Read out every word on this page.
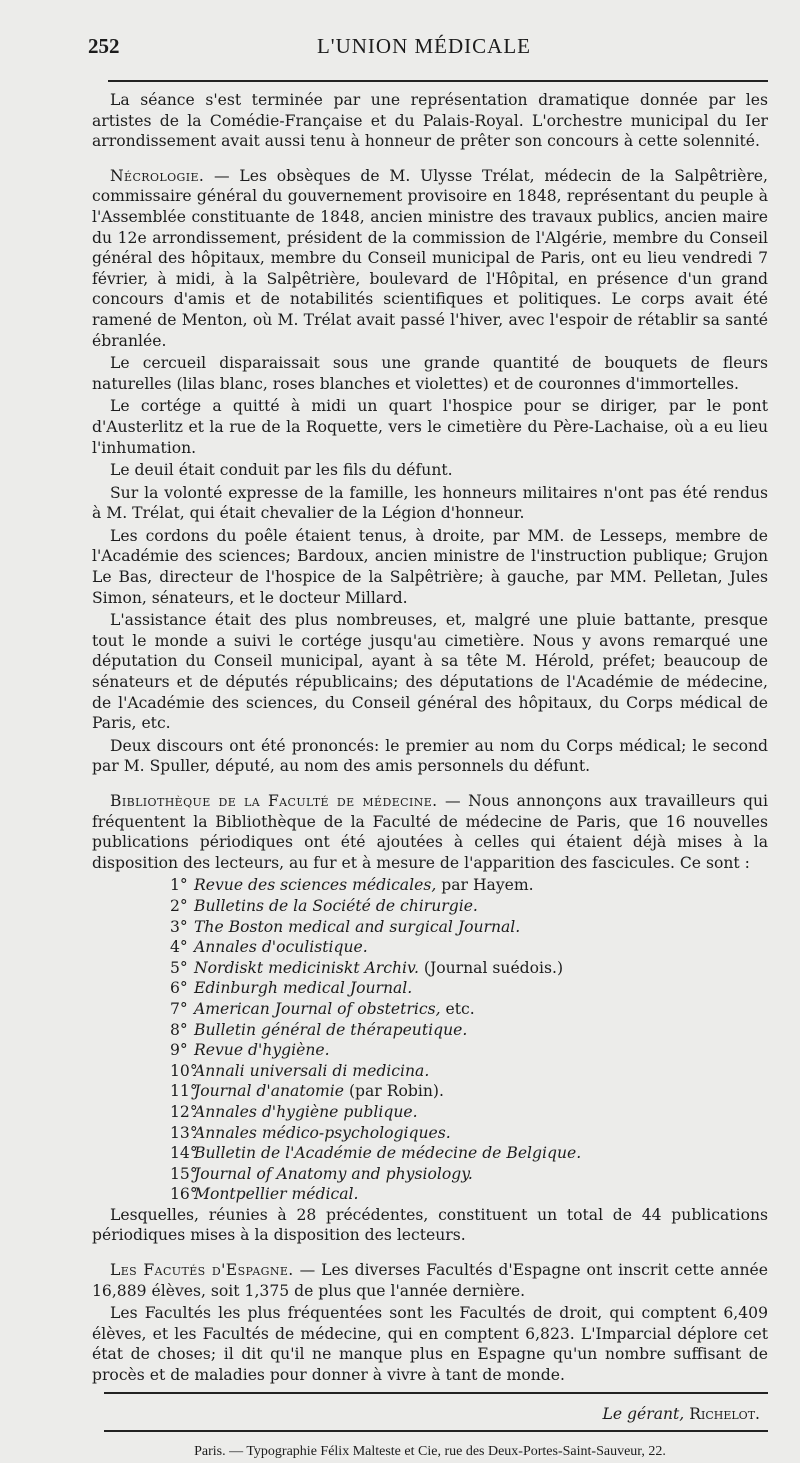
252	L'UNION MÉDICALE

La séance s'est terminée par une représentation dramatique donnée par les artistes de la Comédie-Française et du Palais-Royal. L'orchestre municipal du Ier arrondissement avait aussi tenu à honneur de prêter son concours à cette solennité.

Nécrologie. — Les obsèques de M. Ulysse Trélat, médecin de la Salpêtrière, commissaire général du gouvernement provisoire en 1848, représentant du peuple à l'Assemblée constituante de 1848, ancien ministre des travaux publics, ancien maire du 12e arrondissement, président de la commission de l'Algérie, membre du Conseil général des hôpitaux, membre du Conseil municipal de Paris, ont eu lieu vendredi 7 février, à midi, à la Salpêtrière, boulevard de l'Hôpital, en présence d'un grand concours d'amis et de notabilités scientifiques et politiques. Le corps avait été ramené de Menton, où M. Trélat avait passé l'hiver, avec l'espoir de rétablir sa santé ébranlée.

Le cercueil disparaissait sous une grande quantité de bouquets de fleurs naturelles (lilas blanc, roses blanches et violettes) et de couronnes d'immortelles.

Le cortége a quitté à midi un quart l'hospice pour se diriger, par le pont d'Austerlitz et la rue de la Roquette, vers le cimetière du Père-Lachaise, où a eu lieu l'inhumation.

Le deuil était conduit par les fils du défunt.

Sur la volonté expresse de la famille, les honneurs militaires n'ont pas été rendus à M. Trélat, qui était chevalier de la Légion d'honneur.

Les cordons du poêle étaient tenus, à droite, par MM. de Lesseps, membre de l'Académie des sciences; Bardoux, ancien ministre de l'instruction publique; Grujon Le Bas, directeur de l'hospice de la Salpêtrière; à gauche, par MM. Pelletan, Jules Simon, sénateurs, et le docteur Millard.

L'assistance était des plus nombreuses, et, malgré une pluie battante, presque tout le monde a suivi le cortége jusqu'au cimetière. Nous y avons remarqué une députation du Conseil municipal, ayant à sa tête M. Hérold, préfet; beaucoup de sénateurs et de députés républicains; des députations de l'Académie de médecine, de l'Académie des sciences, du Conseil général des hôpitaux, du Corps médical de Paris, etc.

Deux discours ont été prononcés: le premier au nom du Corps médical; le second par M. Spuller, député, au nom des amis personnels du défunt.

Bibliothèque de la Faculté de médecine. — Nous annonçons aux travailleurs qui fréquentent la Bibliothèque de la Faculté de médecine de Paris, que 16 nouvelles publications périodiques ont été ajoutées à celles qui étaient déjà mises à la disposition des lecteurs, au fur et à mesure de l'apparition des fascicules. Ce sont :

1° Revue des sciences médicales, par Hayem.
2° Bulletins de la Société de chirurgie.
3° The Boston medical and surgical Journal.
4° Annales d'oculistique.
5° Nordiskt mediciniskt Archiv. (Journal suédois.)
6° Edinburgh medical Journal.
7° American Journal of obstetrics, etc.
8° Bulletin général de thérapeutique.
9° Revue d'hygiène.
10°Annali universali di medicina.
11°Journal d'anatomie (par Robin).
12°Annales d'hygiène publique.
13°Annales médico-psychologiques.
14°Bulletin de l'Académie de médecine de Belgique.
15°Journal of Anatomy and physiology.
16°Montpellier médical.

Lesquelles, réunies à 28 précédentes, constituent un total de 44 publications périodiques mises à la disposition des lecteurs.

Les Facutés d'Espagne. — Les diverses Facultés d'Espagne ont inscrit cette année 16,889 élèves, soit 1,375 de plus que l'année dernière.

Les Facultés les plus fréquentées sont les Facultés de droit, qui comptent 6,409 élèves, et les Facultés de médecine, qui en comptent 6,823. L'Imparcial déplore cet état de choses; il dit qu'il ne manque plus en Espagne qu'un nombre suffisant de procès et de maladies pour donner à vivre à tant de monde.

Le gérant, Richelot.
Paris. — Typographie Félix Malteste et Cie, rue des Deux-Portes-Saint-Sauveur, 22.
